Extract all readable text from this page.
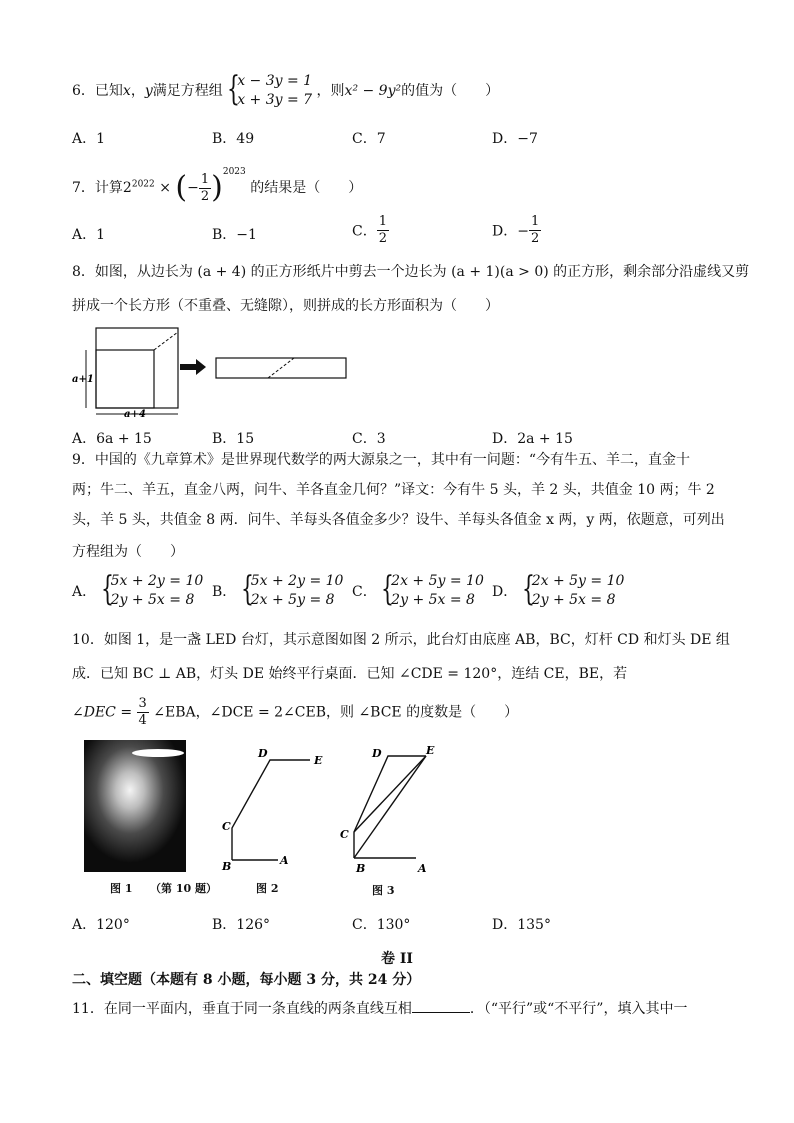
6．已知x，y满足方程组 {
x − 3y = 1
x + 3y = 7
，则x² − 9y²的值为（　　）
A．1	B．49	C．7	D．−7
7．计算$2^{2022}$ × (− $\frac{1}{2} )^{2023}$ 的结果是（　　）
A．1	B．−1	C． $\frac{1}{2}$	D．− $\frac{1}{2}$
8．如图，从边长为 (a + 4) 的正方形纸片中剪去一个边长为 (a + 1)(a > 0) 的正方形，剩余部分沿虚线又剪
拼成一个长方形（不重叠、无缝隙），则拼成的长方形面积为（　　）
a+1
a+4
A．6a + 15	B．15	C．3	D．2a + 15
9．中国的《九章算术》是世界现代数学的两大源泉之一，其中有一问题：“今有牛五、羊二，直金十
两；牛二、羊五，直金八两，问牛、羊各直金几何？”译文：今有牛 5 头，羊 2 头，共值金 10 两；牛 2
头，羊 5 头，共值金 8 两．问牛、羊每头各值金多少？设牛、羊每头各值金 x 两，y 两，依题意，可列出
方程组为（　　）
A． {
5x + 2y = 10
2y + 5x = 8	B． {
5x + 2y = 10
2x + 5y = 8	C． {
2x + 5y = 10
2y + 5x = 8	D． {
2x + 5y = 10
2y + 5x = 8
10．如图 1，是一盏 LED 台灯，其示意图如图 2 所示，此台灯由底座 AB，BC，灯杆 CD 和灯头 DE 组
成．已知 BC ⊥ AB，灯头 DE 始终平行桌面．已知 ∠CDE = 120°，连结 CE，BE，若
∠DEC = $\frac{3}{4}$ ∠EBA，∠DCE = 2∠CEB，则 ∠BCE 的度数是（　　）
D
E
C
B	A
D	E
C
B	A
图 1 （第 10 题）	图 2	图 3
A．120°	B．126°	C．130°	D．135°
卷 II
二、填空题（本题有 8 小题，每小题 3 分，共 24 分）
11．在同一平面内，垂直于同一条直线的两条直线互相	．（“平行”或“不平行”，填入其中一
